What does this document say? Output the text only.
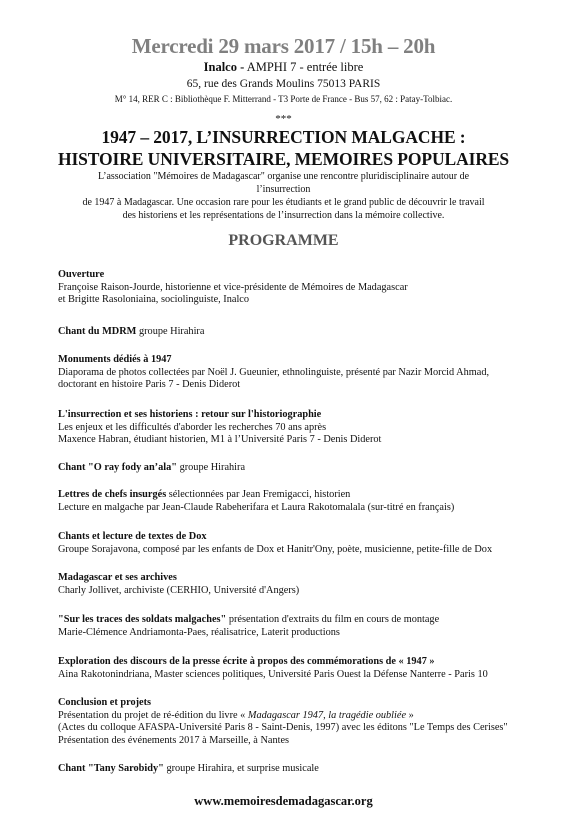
Mercredi 29 mars 2017 / 15h – 20h
Inalco - AMPHI 7 - entrée libre
65, rue des Grands Moulins 75013 PARIS
M° 14, RER C : Bibliothèque F. Mitterrand - T3 Porte de France - Bus 57, 62 : Patay-Tolbiac.
***
1947 – 2017, L’INSURRECTION MALGACHE :
HISTOIRE UNIVERSITAIRE, MEMOIRES POPULAIRES
L’association "Mémoires de Madagascar" organise une rencontre pluridisciplinaire autour de l’insurrection
de 1947 à Madagascar. Une occasion rare pour les étudiants et le grand public de découvrir le travail
des historiens et les représentations de l’insurrection dans la mémoire collective.
PROGRAMME
Ouverture
Françoise Raison-Jourde, historienne et vice-présidente de Mémoires de Madagascar
et Brigitte Rasoloniaina, sociolinguiste, Inalco
Chant du MDRM groupe Hirahira
Monuments dédiés à 1947
Diaporama de photos collectées par Noël J. Gueunier, ethnolinguiste, présenté par Nazir Morcid Ahmad,
doctorant en histoire Paris 7 - Denis Diderot
L'insurrection et ses historiens : retour sur l'historiographie
Les enjeux et les difficultés d'aborder les recherches 70 ans après
Maxence Habran, étudiant historien, M1 à l’Université Paris 7 - Denis Diderot
Chant "O ray fody an’ala" groupe Hirahira
Lettres de chefs insurgés sélectionnées par Jean Fremigacci, historien
Lecture en malgache par Jean-Claude Rabeherifara et Laura Rakotomalala (sur-titré en français)
Chants et lecture de textes de Dox
Groupe Sorajavona, composé par les enfants de Dox et Hanitr'Ony, poète, musicienne, petite-fille de Dox
Madagascar et ses archives
Charly Jollivet, archiviste (CERHIO, Université d'Angers)
"Sur les traces des soldats malgaches" présentation d'extraits du film en cours de montage
Marie-Clémence Andriamonta-Paes, réalisatrice, Laterit productions
Exploration des discours de la presse écrite à propos des commémorations de « 1947 »
Aina Rakotonindriana, Master sciences politiques, Université Paris Ouest la Défense Nanterre - Paris 10
Conclusion et projets
Présentation du projet de ré-édition du livre « Madagascar 1947, la tragédie oubliée »
(Actes du colloque AFASPA-Université Paris 8 - Saint-Denis, 1997) avec les éditons "Le Temps des Cerises"
Présentation des événements 2017 à Marseille, à Nantes
Chant "Tany Sarobidy" groupe Hirahira, et surprise musicale
www.memoiresdemadagascar.org
